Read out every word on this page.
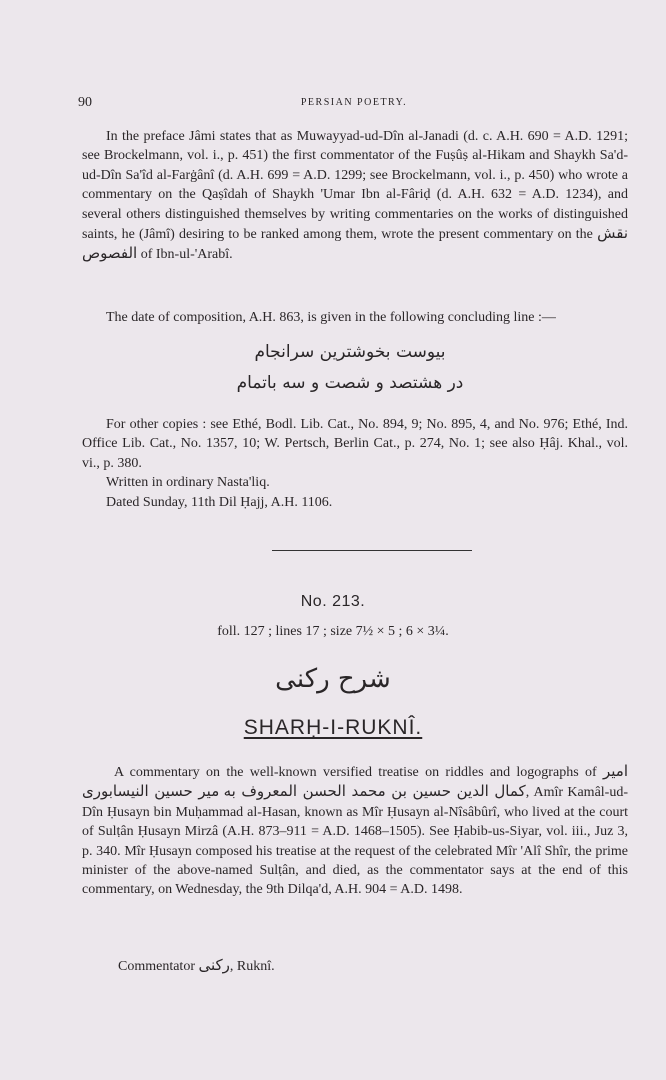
90	PERSIAN POETRY.
In the preface Jâmi states that as Muwayyad-ud-Dîn al-Janadi (d. c. A.H. 690 = A.D. 1291; see Brockelmann, vol. i., p. 451) the first commentator of the Fuṣûṣ al-Hikam and Shaykh Sa'd-ud-Dîn Sa'îd al-Farġânî (d. A.H. 699 = A.D. 1299; see Brockelmann, vol. i., p. 450) who wrote a commentary on the Qaṣîdah of Shaykh 'Umar Ibn al-Fâriḍ (d. A.H. 632 = A.D. 1234), and several others distinguished themselves by writing commentaries on the works of distinguished saints, he (Jâmî) desiring to be ranked among them, wrote the present commentary on the نقش الفصوص of Ibn-ul-'Arabî.
The date of composition, A.H. 863, is given in the following concluding line :—
بیوست بخوشترین سرانجام
در هشتصد و شصت و سه باتمام
For other copies : see Ethé, Bodl. Lib. Cat., No. 894, 9; No. 895, 4, and No. 976; Ethé, Ind. Office Lib. Cat., No. 1357, 10; W. Pertsch, Berlin Cat., p. 274, No. 1; see also Ḥâj. Khal., vol. vi., p. 380.
Written in ordinary Nasta'liq.
Dated Sunday, 11th Dil Ḥajj, A.H. 1106.
No. 213.
foll. 127 ; lines 17 ; size 7½ × 5 ; 6 × 3¼.
شرح رکنی
SHARḤ-I-RUKNÎ.
A commentary on the well-known versified treatise on riddles and logographs of امیر کمال الدین حسین بن محمد الحسن المعروف به میر حسین النیسابوری	, Amîr Kamâl-ud-Dîn Ḥusayn bin Muḥammad al-Hasan, known as Mîr Ḥusayn al-Nîsâbûrî, who lived at the court of Sulṭân Ḥusayn Mirzâ (A.H. 873–911 = A.D. 1468–1505). See Ḥabib-us-Siyar, vol. iii., Juz 3, p. 340. Mîr Ḥusayn composed his treatise at the request of the celebrated Mîr 'Alî Shîr, the prime minister of the above-named Sulṭân, and died, as the commentator says at the end of this commentary, on Wednesday, the 9th Dilqa'd, A.H. 904 = A.D. 1498.
Commentator رکنی, Ruknî.
